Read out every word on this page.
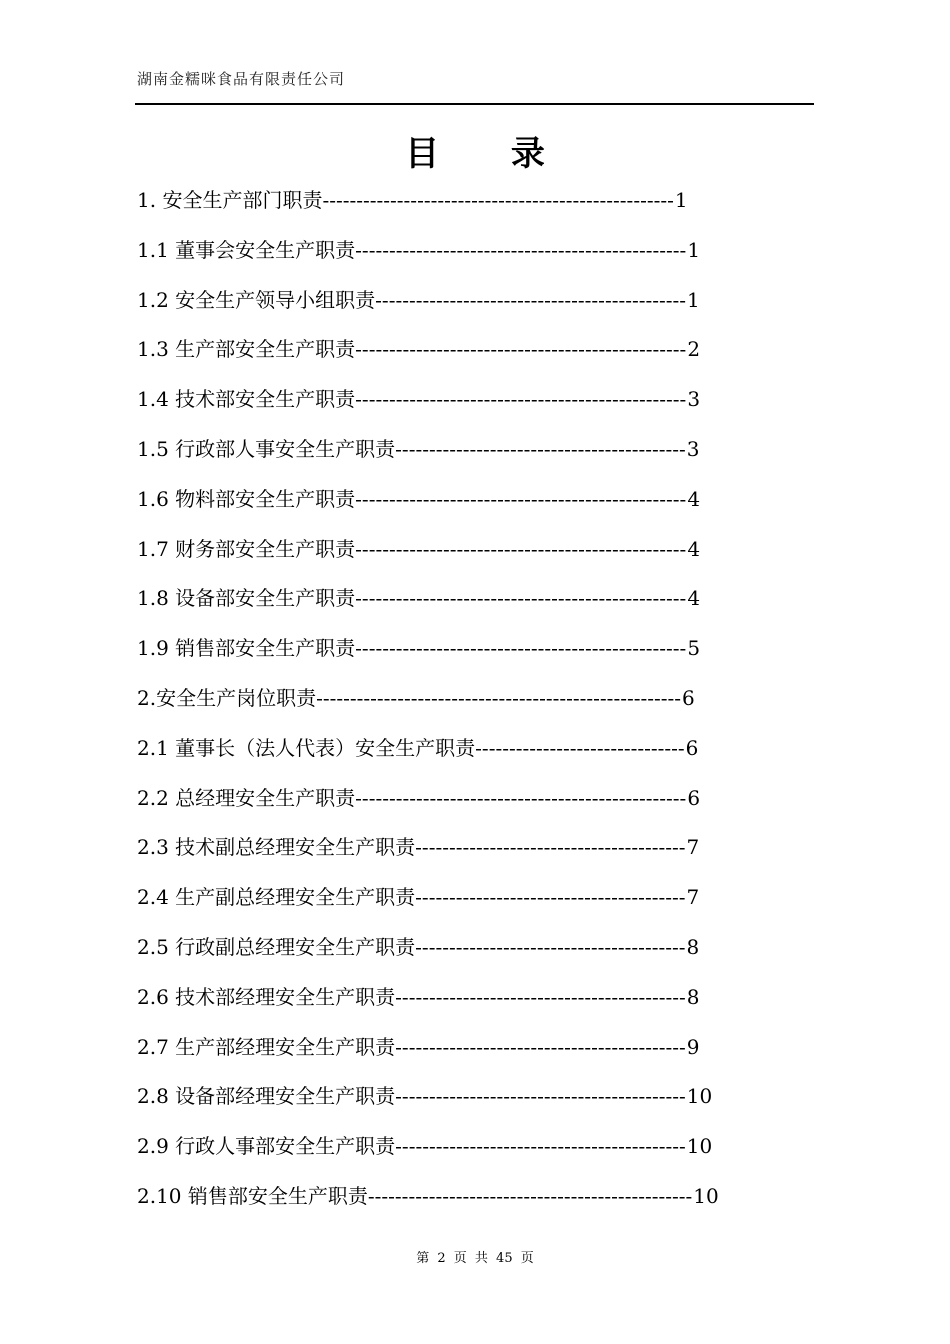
湖南金糯咪食品有限责任公司
目 录
1. 安全生产部门职责----------------------------------------------------1
1.1 董事会安全生产职责-------------------------------------------------1
1.2 安全生产领导小组职责----------------------------------------------1
1.3 生产部安全生产职责-------------------------------------------------2
1.4 技术部安全生产职责-------------------------------------------------3
1.5 行政部人事安全生产职责-------------------------------------------3
1.6 物料部安全生产职责-------------------------------------------------4
1.7 财务部安全生产职责-------------------------------------------------4
1.8 设备部安全生产职责-------------------------------------------------4
1.9 销售部安全生产职责-------------------------------------------------5
2.安全生产岗位职责------------------------------------------------------6
2.1 董事长（法人代表）安全生产职责-------------------------------6
2.2 总经理安全生产职责-------------------------------------------------6
2.3 技术副总经理安全生产职责----------------------------------------7
2.4 生产副总经理安全生产职责----------------------------------------7
2.5 行政副总经理安全生产职责----------------------------------------8
2.6 技术部经理安全生产职责-------------------------------------------8
2.7 生产部经理安全生产职责-------------------------------------------9
2.8 设备部经理安全生产职责-------------------------------------------10
2.9 行政人事部安全生产职责-------------------------------------------10
2.10 销售部安全生产职责------------------------------------------------10
第 2 页 共 45 页
